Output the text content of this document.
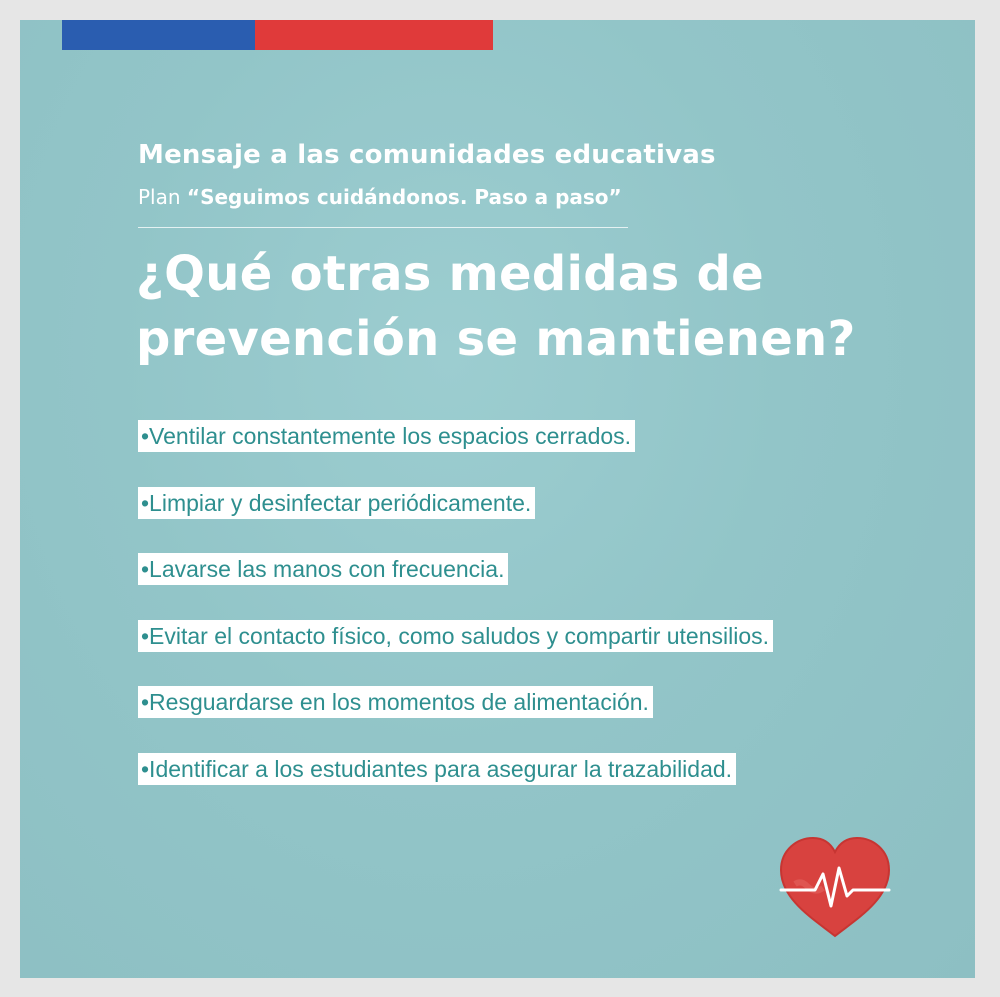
Mensaje a las comunidades educativas
Plan “Seguimos cuidándonos. Paso a paso”
¿Qué otras medidas de prevención se mantienen?
•Ventilar constantemente los espacios cerrados.
•Limpiar y desinfectar periódicamente.
•Lavarse las manos con frecuencia.
•Evitar el contacto físico, como saludos y compartir utensilios.
•Resguardarse en los momentos de alimentación.
•Identificar a los estudiantes para asegurar la trazabilidad.
